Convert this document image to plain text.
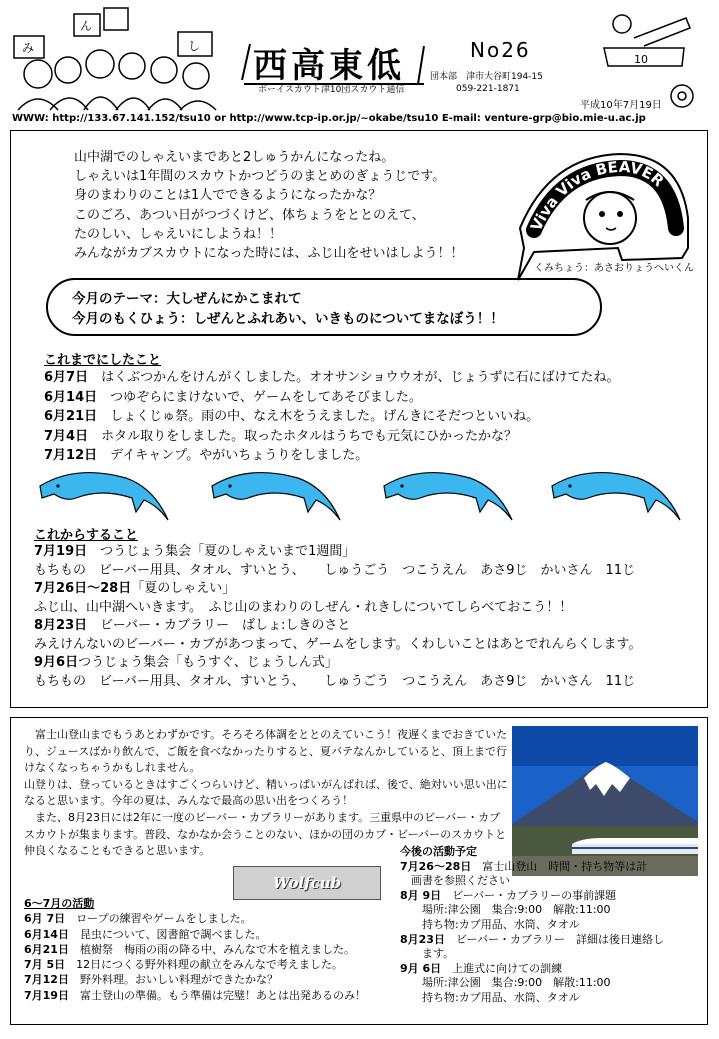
み
ん
し 西高東低	No26
団本部　津市大谷町194-15
059-221-1871
ボーイスカウト津10団スカウト通信
10
平成10年7月19日
WWW: http://133.67.141.152/tsu10 or http://www.tcp-ip.or.jp/~okabe/tsu10 E-mail: venture-grp@bio.mie-u.ac.jp
山中湖でのしゃえいまであと2しゅうかんになったね。
しゃえいは1年間のスカウトかつどうのまとめのぎょうじです。
身のまわりのことは1人でできるようになったかな？
このごろ、あつい日がつづくけど、体ちょうをととのえて、
たのしい、しゃえいにしようね！！
みんながカブスカウトになった時には、ふじ山をせいはしよう！！
Viva Viva BEAVER
くみちょう：あさおりょうへいくん
今月のテーマ：大しぜんにかこまれて
今月のもくひょう：しぜんとふれあい、いきものについてまなぼう！！
これまでにしたこと
6月7日　 はくぶつかんをけんがくしました。オオサンショウウオが、じょうずに石にばけてたね。
6月14日　 つゆぞらにまけないで、ゲームをしてあそびました。
6月21日　 しょくじゅ祭。雨の中、なえ木をうえました。げんきにそだつといいね。
7月4日　 ホタル取りをしました。取ったホタルはうちでも元気にひかったかな？
7月12日　 デイキャンプ。やがいちょうりをしました。
これからすること
7月19日　 つうじょう集会「夏のしゃえいまで1週間」
もちもの　ビーバー用具、タオル、すいとう、　　しゅうごう　つこうえん　あさ9じ　かいさん　11じ
7月26日～28日「夏のしゃえい」
ふじ山、山中湖へいきます。　ふじ山のまわりのしぜん・れきしについてしらべておこう！！
8月23日　 ビーバー・カブラリー　ばしょ:しきのさと
みえけんないのビーバー・カブがあつまって、ゲームをします。くわしいことはあとでれんらくします。
9月6日つうじょう集会「もうすぐ、じょうしん式」
もちもの　ビーバー用具、タオル、すいとう、　　しゅうごう　つこうえん　あさ9じ　かいさん　11じ

　富士山登山までもうあとわずかです。そろそろ体調をととのえていこう！夜遅くまでおきていたり、ジュースばかり飲んで、ご飯を食べなかったりすると、夏バテなんかしていると、頂上まで行けなくなっちゃうかもしれません。

山登りは、登っているときはすごくつらいけど、精いっぱいがんばれば、後で、絶対いい思い出になると思います。今年の夏は、みんなで最高の思い出をつくろう！

　また、8月23日には2年に一度のビーバー・カブラリーがあります。三重県中のビーバー・カブスカウトが集まります。普段、なかなか会うことのない、ほかの団のカブ・ビーバーのスカウトと仲良くなることもできると思います。

Wolfcub
6～7月の活動
6月 7日　 ロープの練習やゲームをしました。
6月14日　 昆虫について、図書館で調べました。
6月21日　 植樹祭　梅雨の雨の降る中、みんなで木を植えました。
7月 5日　 12日につくる野外料理の献立をみんなで考えました。
7月12日　 野外料理。おいしい料理ができたかな？
7月19日　 富士登山の準備。もう準備は完璧！あとは出発あるのみ！
今後の活動予定
7月26～28日　 富士山登山　時間・持ち物等は計
　画書を参照ください
8月 9日　 ビーバー・カブラリーの事前課題
　　場所:津公園　集合:9:00　解散:11:00
　　持ち物:カブ用品、水筒、タオル
8月23日　 ビーバー・カブラリー　詳細は後日連絡し
　　ます。
9月 6日　 上進式に向けての訓練
　　場所:津公園　集合:9:00　解散:11:00
　　持ち物:カブ用品、水筒、タオル
